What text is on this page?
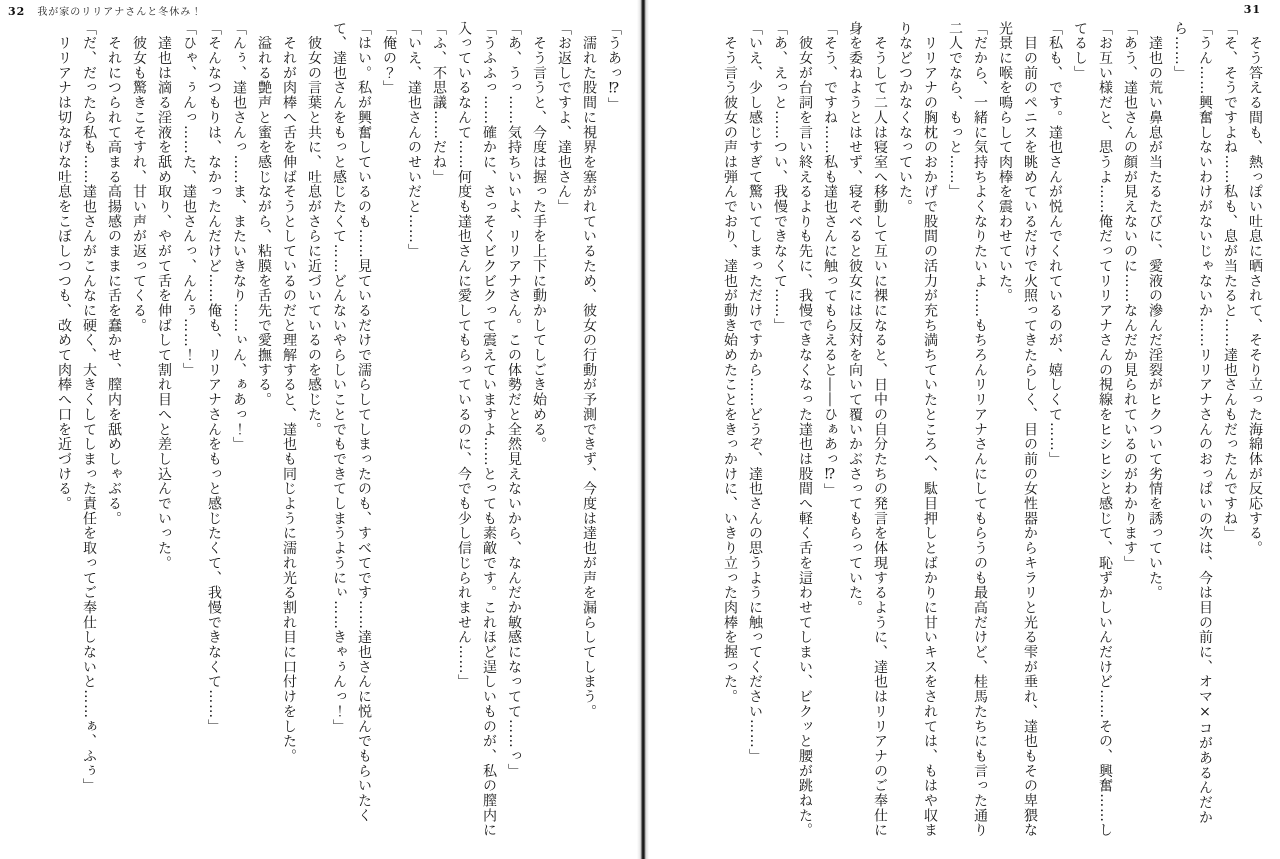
32 我が家のリリアナさんと冬休み！

「うあっ⁉」

　濡れた股間に視界を塞がれているため、彼女の行動が予測できず、今度は達也が声を漏らしてしまう。

「お返しですよ、達也さん」

　そう言うと、今度は握った手を上下に動かしてしごき始める。

「あ、うっ……気持ちいいよ、リリアナさん。この体勢だと全然見えないから、なんだか敏感になってて……っ」

「うふふっ……確かに、さっそくビクビクって震えていますよ……とっても素敵です。これほど逞しいものが、私の膣内に入っているなんて……何度も達也さんに愛してもらっているのに、今でも少し信じられません……」

「ふ、不思議……だね」

「いえ、達也さんのせいだと……」

「俺の？」

「はい。私が興奮しているのも……見ているだけで濡らしてしまったのも、すべてです……達也さんに悦んでもらいたくて、達也さんをもっと感じたくて……どんないやらしいことでもできてしまうようにぃ……きゃぅんっ！」

　彼女の言葉と共に、吐息がさらに近づいているのを感じた。

　それが肉棒へ舌を伸ばそうとしているのだと理解すると、達也も同じように濡れ光る割れ目に口付けをした。

　溢れる艶声と蜜を感じながら、粘膜を舌先で愛撫する。

「んぅ、達也さんっ……ま、またいきなり……ぃん、ぁあっ！」

「そんなつもりは、なかったんだけど……俺も、リリアナさんをもっと感じたくて、我慢できなくて……」

「ひゃ、ぅんっ……た、達也さんっ、んんぅ……！」

　達也は滴る淫液を舐め取り、やがて舌を伸ばして割れ目へと差し込んでいった。

　彼女も驚きこそすれ、甘い声が返ってくる。

　それにつられて高まる高揚感のままに舌を蠢かせ、膣内を舐めしゃぶる。

「だ、だったら私も……達也さんがこんなに硬く、大きくしてしまった責任を取ってご奉仕しないと……ぁ、ふぅ」

　リリアナは切なげな吐息をこぼしつつも、改めて肉棒へ口を近づける。

31

　そう答える間も、熱っぽい吐息に晒されて、そそり立った海綿体が反応する。

「そ、そうですよね……私も、息が当たると……達也さんもだったんですね」

「うん……興奮しないわけがないじゃないか……リリアナさんのおっぱいの次は、今は目の前に、オマ×コがあるんだから……」

　達也の荒い鼻息が当たるたびに、愛液の滲んだ淫裂がヒクついて劣情を誘っていた。

「あう、達也さんの顔が見えないのに……なんだか見られているのがわかります」

「お互い様だと、思うよ……俺だってリリアナさんの視線をヒシヒシと感じて、恥ずかしいんだけど……その、興奮……してるし」

「私も、です。達也さんが悦んでくれているのが、嬉しくて……」

　目の前のペニスを眺めているだけで火照ってきたらしく、目の前の女性器からキラリと光る雫が垂れ、達也もその卑猥な光景に喉を鳴らして肉棒を震わせていた。

「だから、一緒に気持ちよくなりたいよ……もちろんリリアナさんにしてもらうのも最高だけど、桂馬たちにも言った通り二人でなら、もっと……」

　リリアナの胸枕のおかげで股間の活力が充ち満ちていたところへ、駄目押しとばかりに甘いキスをされては、もはや収まりなどつかなくなっていた。

　そうして二人は寝室へ移動して互いに裸になると、日中の自分たちの発言を体現するように、達也はリリアナのご奉仕に身を委ねようとはせず、寝そべると彼女には反対を向いて覆いかぶさってもらっていた。

「そう、ですね……私も達也さんに触ってもらえると――ひぁあっ⁉」

　彼女が台詞を言い終えるよりも先に、我慢できなくなった達也は股間へ軽く舌を這わせてしまい、ビクッと腰が跳ねた。

「あ、えっと……つい、我慢できなくて……」

「いえ、少し感じすぎて驚いてしまっただけですから……どうぞ、達也さんの思うように触ってください……」

　そう言う彼女の声は弾んでおり、達也が動き始めたことをきっかけに、いきり立った肉棒を握った。
